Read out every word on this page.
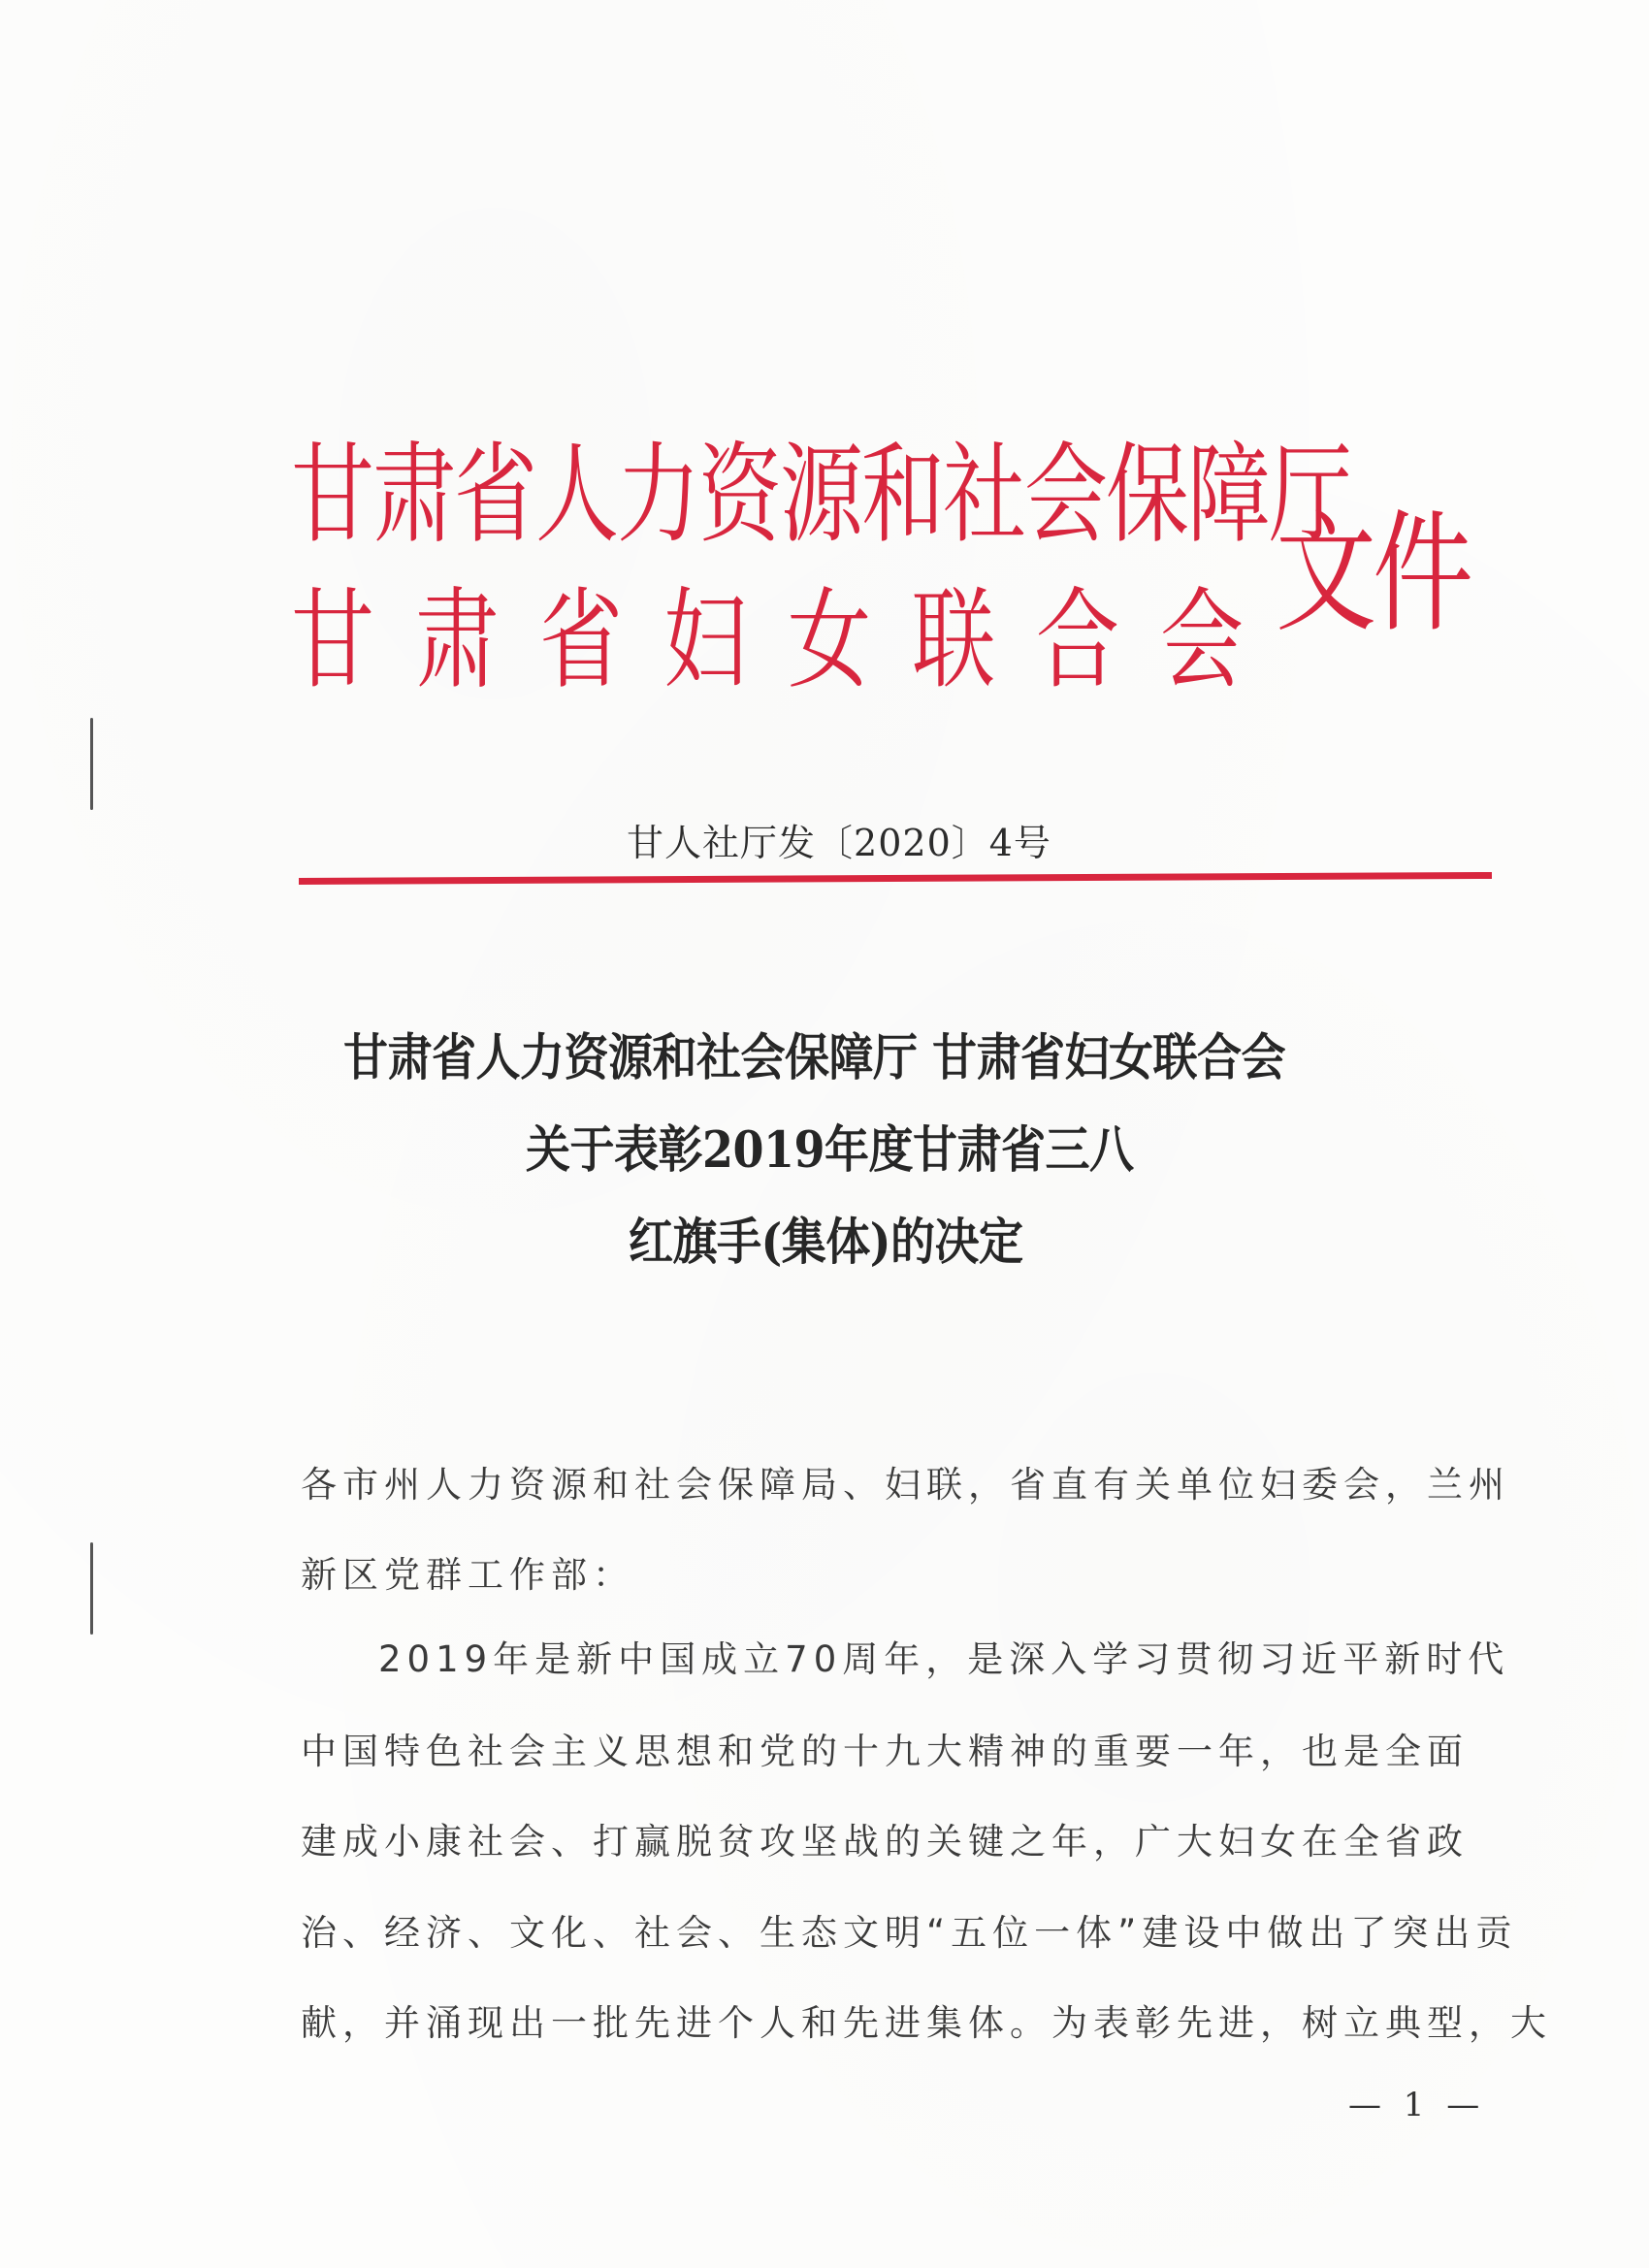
甘肃省人力资源和社会保障厅
甘肃省妇女联合会
文件
甘人社厅发〔2020〕4号
甘肃省人力资源和社会保障厅 甘肃省妇女联合会
关于表彰2019年度甘肃省三八
红旗手(集体)的决定
各市州人力资源和社会保障局、妇联，省直有关单位妇委会，兰州
新区党群工作部：
2019年是新中国成立70周年，是深入学习贯彻习近平新时代
中国特色社会主义思想和党的十九大精神的重要一年，也是全面
建成小康社会、打赢脱贫攻坚战的关键之年，广大妇女在全省政
治、经济、文化、社会、生态文明“五位一体”建设中做出了突出贡
献，并涌现出一批先进个人和先进集体。为表彰先进，树立典型，大
— 1 —
